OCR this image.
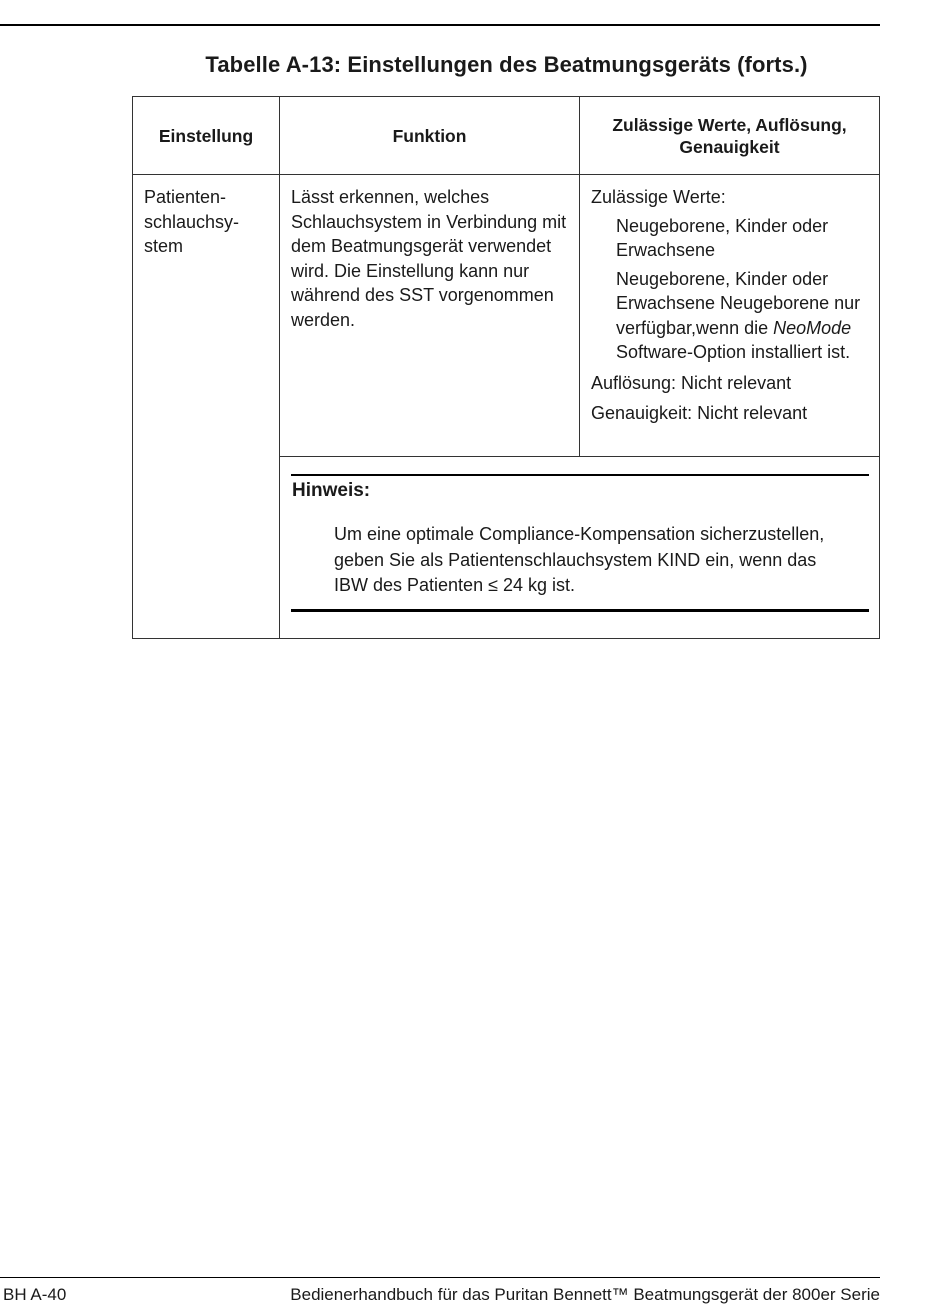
Tabelle A-13: Einstellungen des Beatmungsgeräts (forts.)
Einstellung	Funktion
Zulässige Werte, Auflösung, Genauigkeit
Patienten- schlauchsy- stem
Lässt erkennen, welches Schlauchsystem in Verbindung mit dem Beatmungsgerät verwendet wird. Die Einstellung kann nur während des SST vorgenommen werden.
Zulässige Werte:
Neugeborene, Kinder oder Erwachsene
Neugeborene, Kinder oder Erwachsene Neugeborene nur verfügbar,wenn die NeoMode Software-Option installiert ist.
Auflösung: Nicht relevant
Genauigkeit: Nicht relevant
Hinweis:
Um eine optimale Compliance-Kompensation sicherzustellen, geben Sie als Patientenschlauchsystem KIND ein, wenn das IBW des Patienten ≤ 24 kg ist.
BH A-40	Bedienerhandbuch für das Puritan Bennett™ Beatmungsgerät der 800er Serie
